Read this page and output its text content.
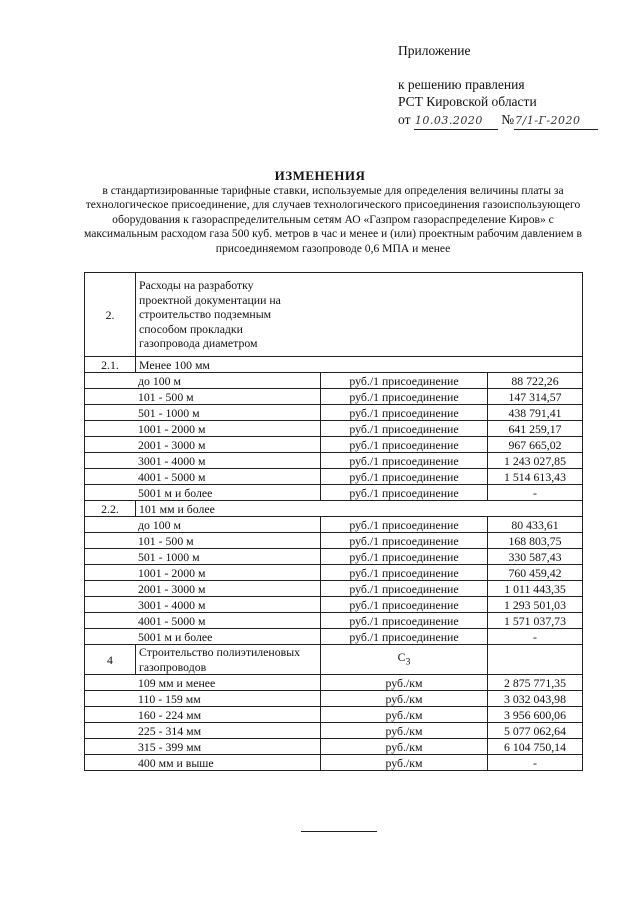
Приложение
к решению правления
РСТ Кировской области
от 10.03.2020 №7/1-Г-2020
ИЗМЕНЕНИЯ
в стандартизированные тарифные ставки, используемые для определения величины платы за технологическое присоединение, для случаев технологического присоединения газоиспользующего оборудования к газораспределительным сетям АО «Газпром газораспределение Киров» с максимальным расходом газа 500 куб. метров в час и менее и (или) проектным рабочим давлением в присоединяемом газопроводе 0,6 МПА и менее
2.	Расходы на разработку проектной документации на строительство подземным способом прокладки газопровода диаметром		
2.1.	Менее 100 мм		
до 100 м		руб./1 присоединение	88 722,26
101 - 500 м		руб./1 присоединение	147 314,57
501 - 1000 м		руб./1 присоединение	438 791,41
1001 - 2000 м		руб./1 присоединение	641 259,17
2001 - 3000 м		руб./1 присоединение	967 665,02
3001 - 4000 м		руб./1 присоединение	1 243 027,85
4001 - 5000 м		руб./1 присоединение	1 514 613,43
5001 м и более		руб./1 присоединение	-
2.2.	101 мм и более		
до 100 м		руб./1 присоединение	80 433,61
101 - 500 м		руб./1 присоединение	168 803,75
501 - 1000 м		руб./1 присоединение	330 587,43
1001 - 2000 м		руб./1 присоединение	760 459,42
2001 - 3000 м		руб./1 присоединение	1 011 443,35
3001 - 4000 м		руб./1 присоединение	1 293 501,03
4001 - 5000 м		руб./1 присоединение	1 571 037,73
5001 м и более		руб./1 присоединение	-
4	Строительство полиэтиленовых газопроводов	$C_3$	
109 мм и менее		руб./км	2 875 771,35
110 - 159 мм		руб./км	3 032 043,98
160 - 224 мм		руб./км	3 956 600,06
225 - 314 мм		руб./км	5 077 062,64
315 - 399 мм		руб./км	6 104 750,14
400 мм и выше		руб./км	-
